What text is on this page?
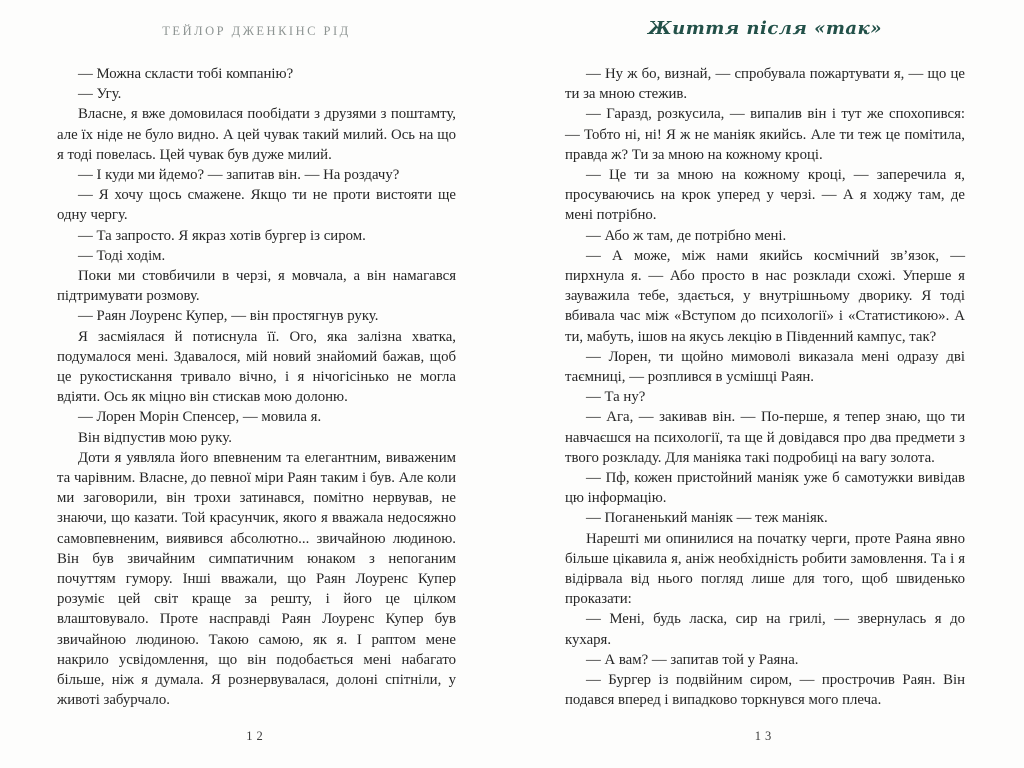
ТЕЙЛОР ДЖЕНКІНС РІД	Життя після «так»

— Можна скласти тобі компанію?

— Угу.

Власне, я вже домовилася пообідати з друзями з поштамту, але їх ніде не було видно. А цей чувак такий милий. Ось на що я тоді повелась. Цей чувак був дуже милий.

— І куди ми йдемо? — запитав він. — На роздачу?

— Я хочу щось смажене. Якщо ти не проти вистояти ще одну чергу.

— Та запросто. Я якраз хотів бургер із сиром.

— Тоді ходім.

Поки ми стовбичили в черзі, я мовчала, а він намагався підтримувати розмову.

— Раян Лоуренс Купер, — він простягнув руку.

Я засміялася й потиснула її. Ого, яка залізна хватка, подумалося мені. Здавалося, мій новий знайомий бажав, щоб це рукостискання тривало вічно, і я нічогісінько не могла вдіяти. Ось як міцно він стискав мою долоню.

— Лорен Морін Спенсер, — мовила я.

Він відпустив мою руку.

Доти я уявляла його впевненим та елегантним, виваженим та чарівним. Власне, до певної міри Раян таким і був. Але коли ми заговорили, він трохи затинався, помітно нервував, не знаючи, що казати. Той красунчик, якого я вважала недосяжно самовпевненим, виявився абсолютно... звичайною людиною. Він був звичайним симпатичним юнаком з непоганим почуттям гумору. Інші вважали, що Раян Лоуренс Купер розуміє цей світ краще за решту, і його це цілком влаштовувало. Проте насправді Раян Лоуренс Купер був звичайною людиною. Такою самою, як я. І раптом мене накрило усвідомлення, що він подобається мені набагато більше, ніж я думала. Я рознервувалася, долоні спітніли, у животі забурчало.

— Ну ж бо, визнай, — спробувала пожартувати я, — що це ти за мною стежив.

— Гаразд, розкусила, — випалив він і тут же спохопився: — Тобто ні, ні! Я ж не маніяк якийсь. Але ти теж це помітила, правда ж? Ти за мною на кожному кроці.

— Це ти за мною на кожному кроці, — заперечила я, просуваючись на крок уперед у черзі. — А я ходжу там, де мені потрібно.

— Або ж там, де потрібно мені.

— А може, між нами якийсь космічний зв’язок, — пирхнула я. — Або просто в нас розклади схожі. Уперше я зауважила тебе, здається, у внутрішньому дворику. Я тоді вбивала час між «Вступом до психології» і «Статистикою». А ти, мабуть, ішов на якусь лекцію в Південний кампус, так?

— Лорен, ти щойно мимоволі виказала мені одразу дві таємниці, — розплився в усмішці Раян.

— Та ну?

— Ага, — закивав він. — По-перше, я тепер знаю, що ти навчаєшся на психології, та ще й довідався про два предмети з твого розкладу. Для маніяка такі подробиці на вагу золота.

— Пф, кожен пристойний маніяк уже б самотужки вивідав цю інформацію.

— Поганенький маніяк — теж маніяк.

Нарешті ми опинилися на початку черги, проте Раяна явно більше цікавила я, аніж необхідність робити замовлення. Та і я відірвала від нього погляд лише для того, щоб швиденько проказати:

— Мені, будь ласка, сир на грилі, — звернулась я до кухаря.

— А вам? — запитав той у Раяна.

— Бургер із подвійним сиром, — прострочив Раян. Він подався вперед і випадково торкнувся мого плеча.

12	13
